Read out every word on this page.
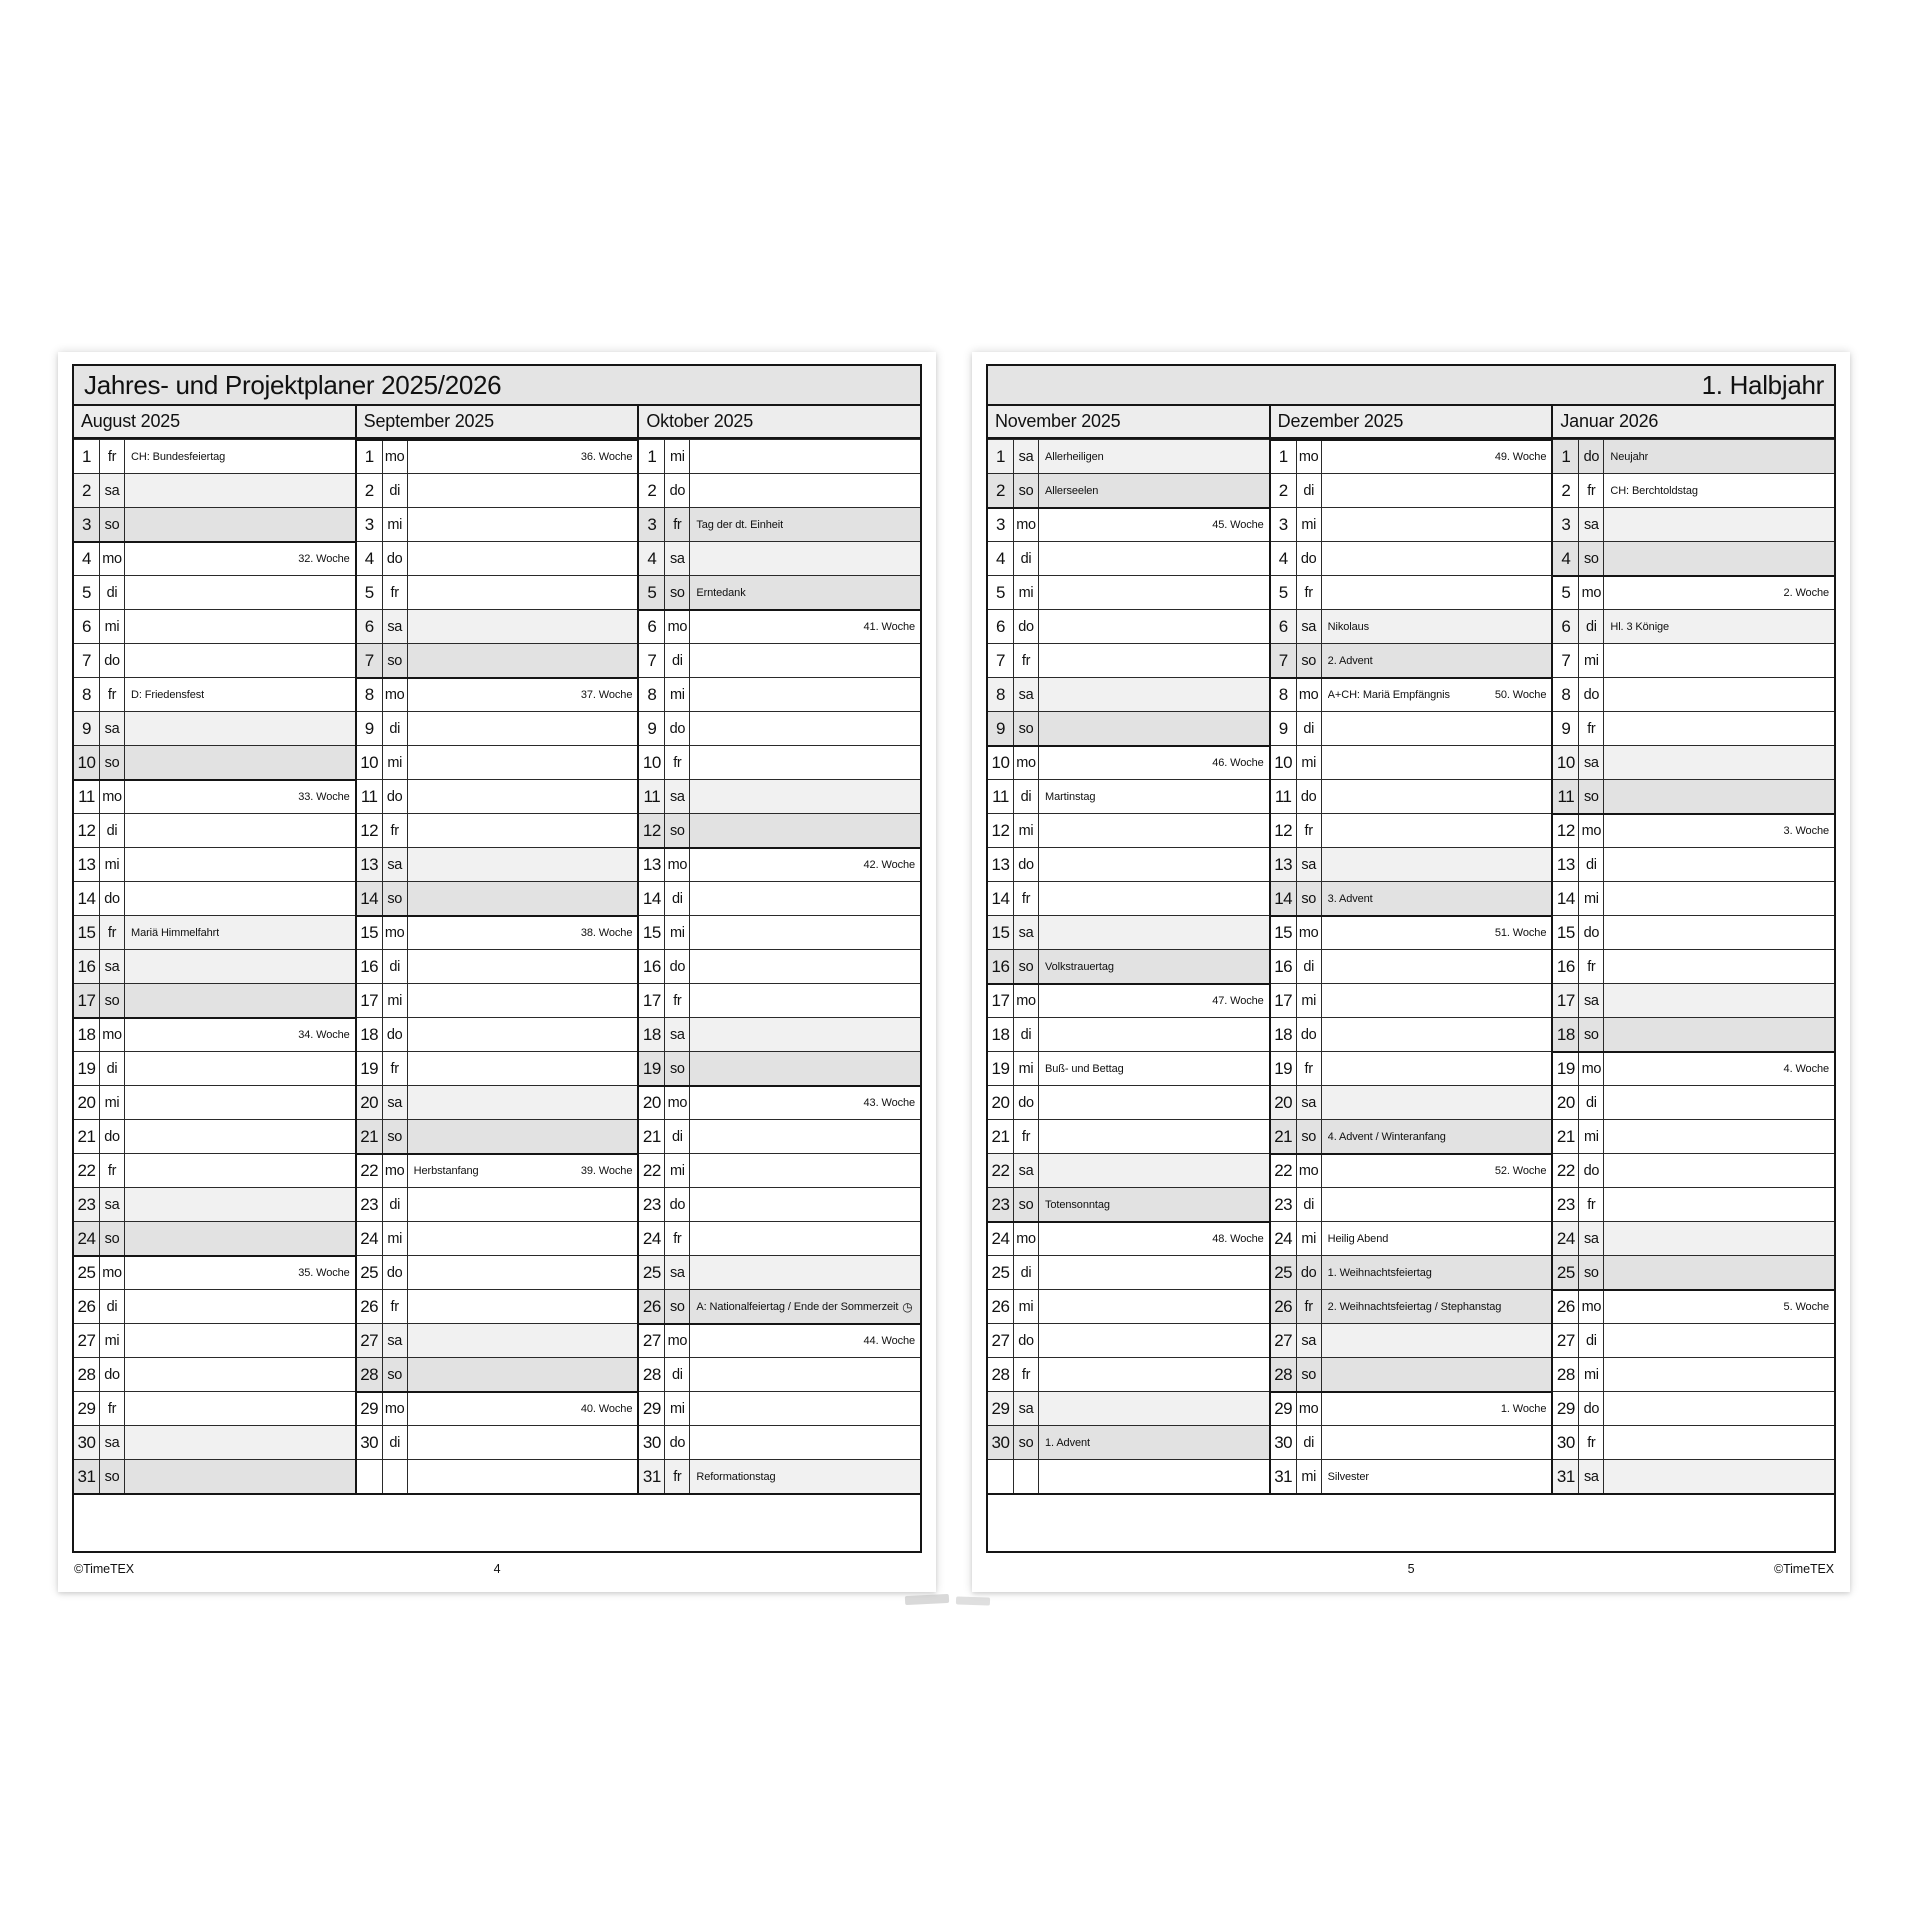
Jahres- und Projektplaner 2025/2026
August 2025
1	fr	CH: Bundesfeiertag
2 sa
3 so
4 mo	32. Woche
5	di
6 mi
7 do
8	fr	D: Friedensfest
9 sa
10 so
11 mo	33. Woche
12 di
13 mi
14 do
15 fr	Mariä Himmelfahrt
16 sa
17 so
18 mo	34. Woche
19 di
20 mi
21 do
22 fr
23 sa
24 so
25 mo	35. Woche
26 di
27 mi
28 do
29 fr
30 sa
31 so
September 2025
1 mo	36. Woche
2	di
3 mi
4 do
5	fr
6 sa
7 so
8 mo	37. Woche
9	di
10 mi
11 do
12 fr
13 sa
14 so
15 mo	38. Woche
16 di
17 mi
18 do
19 fr
20 sa
21 so
22 mo Herbstanfang	39. Woche
23 di
24 mi
25 do
26 fr
27 sa
28 so
29 mo	40. Woche
30 di
Oktober 2025
1 mi
2 do
3	fr	Tag der dt. Einheit
4 sa
5 so	Erntedank
6 mo	41. Woche
7	di
8 mi
9 do
10 fr
11 sa
12 so
13 mo	42. Woche
14 di
15 mi
16 do
17 fr
18 sa
19 so
20 mo	43. Woche
21 di
22 mi
23 do
24 fr
25 sa
26 so	A: Nationalfeiertag / Ende der Sommerzeit ◷
27 mo	44. Woche
28 di
29 mi
30 do
31 fr	Reformationstag
©TimeTEX	4
1. Halbjahr
November 2025
1 sa	Allerheiligen
2 so	Allerseelen
3 mo	45. Woche
4	di
5 mi
6 do
7	fr
8 sa
9 so
10 mo	46. Woche
11 di	Martinstag
12 mi
13 do
14 fr
15 sa
16 so	Volkstrauertag
17 mo	47. Woche
18 di
19 mi	Buß- und Bettag
20 do
21 fr
22 sa
23 so	Totensonntag
24 mo	48. Woche
25 di
26 mi
27 do
28 fr
29 sa
30 so	1. Advent
Dezember 2025
1 mo	49. Woche
2	di
3 mi
4 do
5	fr
6 sa	Nikolaus
7 so	2. Advent
8 mo A+CH: Mariä Empfängnis	50. Woche
9	di
10 mi
11 do
12 fr
13 sa
14 so	3. Advent
15 mo	51. Woche
16 di
17 mi
18 do
19 fr
20 sa
21 so	4. Advent / Winteranfang
22 mo	52. Woche
23 di
24 mi	Heilig Abend
25 do	1. Weihnachtsfeiertag
26 fr	2. Weihnachtsfeiertag / Stephanstag
27 sa
28 so
29 mo	1. Woche
30 di
31 mi	Silvester
Januar 2026
1 do	Neujahr
2	fr	CH: Berchtoldstag
3 sa
4 so
5 mo	2. Woche
6	di	Hl. 3 Könige
7 mi
8 do
9	fr
10 sa
11 so
12 mo	3. Woche
13 di
14 mi
15 do
16 fr
17 sa
18 so
19 mo	4. Woche
20 di
21 mi
22 do
23 fr
24 sa
25 so
26 mo	5. Woche
27 di
28 mi
29 do
30 fr
31 sa
5	©TimeTEX
